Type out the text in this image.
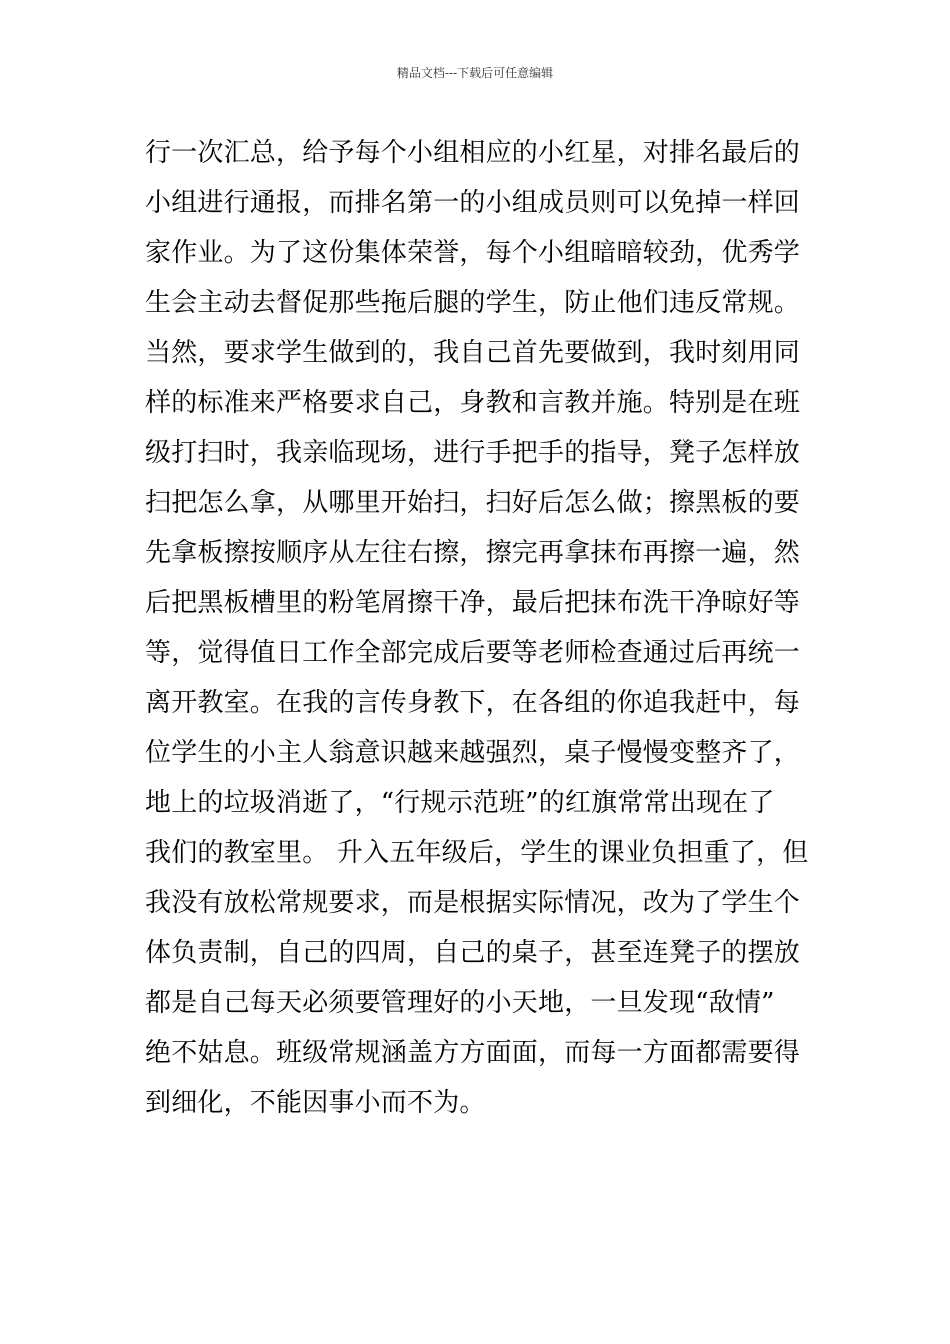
精品文档---下载后可任意编辑
行一次汇总，给予每个小组相应的小红星，对排名最后的
小组进行通报，而排名第一的小组成员则可以免掉一样回
家作业。为了这份集体荣誉，每个小组暗暗较劲，优秀学
生会主动去督促那些拖后腿的学生，防止他们违反常规。
当然，要求学生做到的，我自己首先要做到，我时刻用同
样的标准来严格要求自己，身教和言教并施。特别是在班
级打扫时，我亲临现场，进行手把手的指导，凳子怎样放
扫把怎么拿，从哪里开始扫，扫好后怎么做；擦黑板的要
先拿板擦按顺序从左往右擦，擦完再拿抹布再擦一遍，然
后把黑板槽里的粉笔屑擦干净，最后把抹布洗干净晾好等
等，觉得值日工作全部完成后要等老师检查通过后再统一
离开教室。在我的言传身教下，在各组的你追我赶中，每
位学生的小主人翁意识越来越强烈，桌子慢慢变整齐了，
地上的垃圾消逝了，“行规示范班”的红旗常常出现在了
我们的教室里。 升入五年级后，学生的课业负担重了，但
我没有放松常规要求，而是根据实际情况，改为了学生个
体负责制，自己的四周，自己的桌子，甚至连凳子的摆放
都是自己每天必须要管理好的小天地，一旦发现“敌情”
绝不姑息。班级常规涵盖方方面面，而每一方面都需要得
到细化，不能因事小而不为。
